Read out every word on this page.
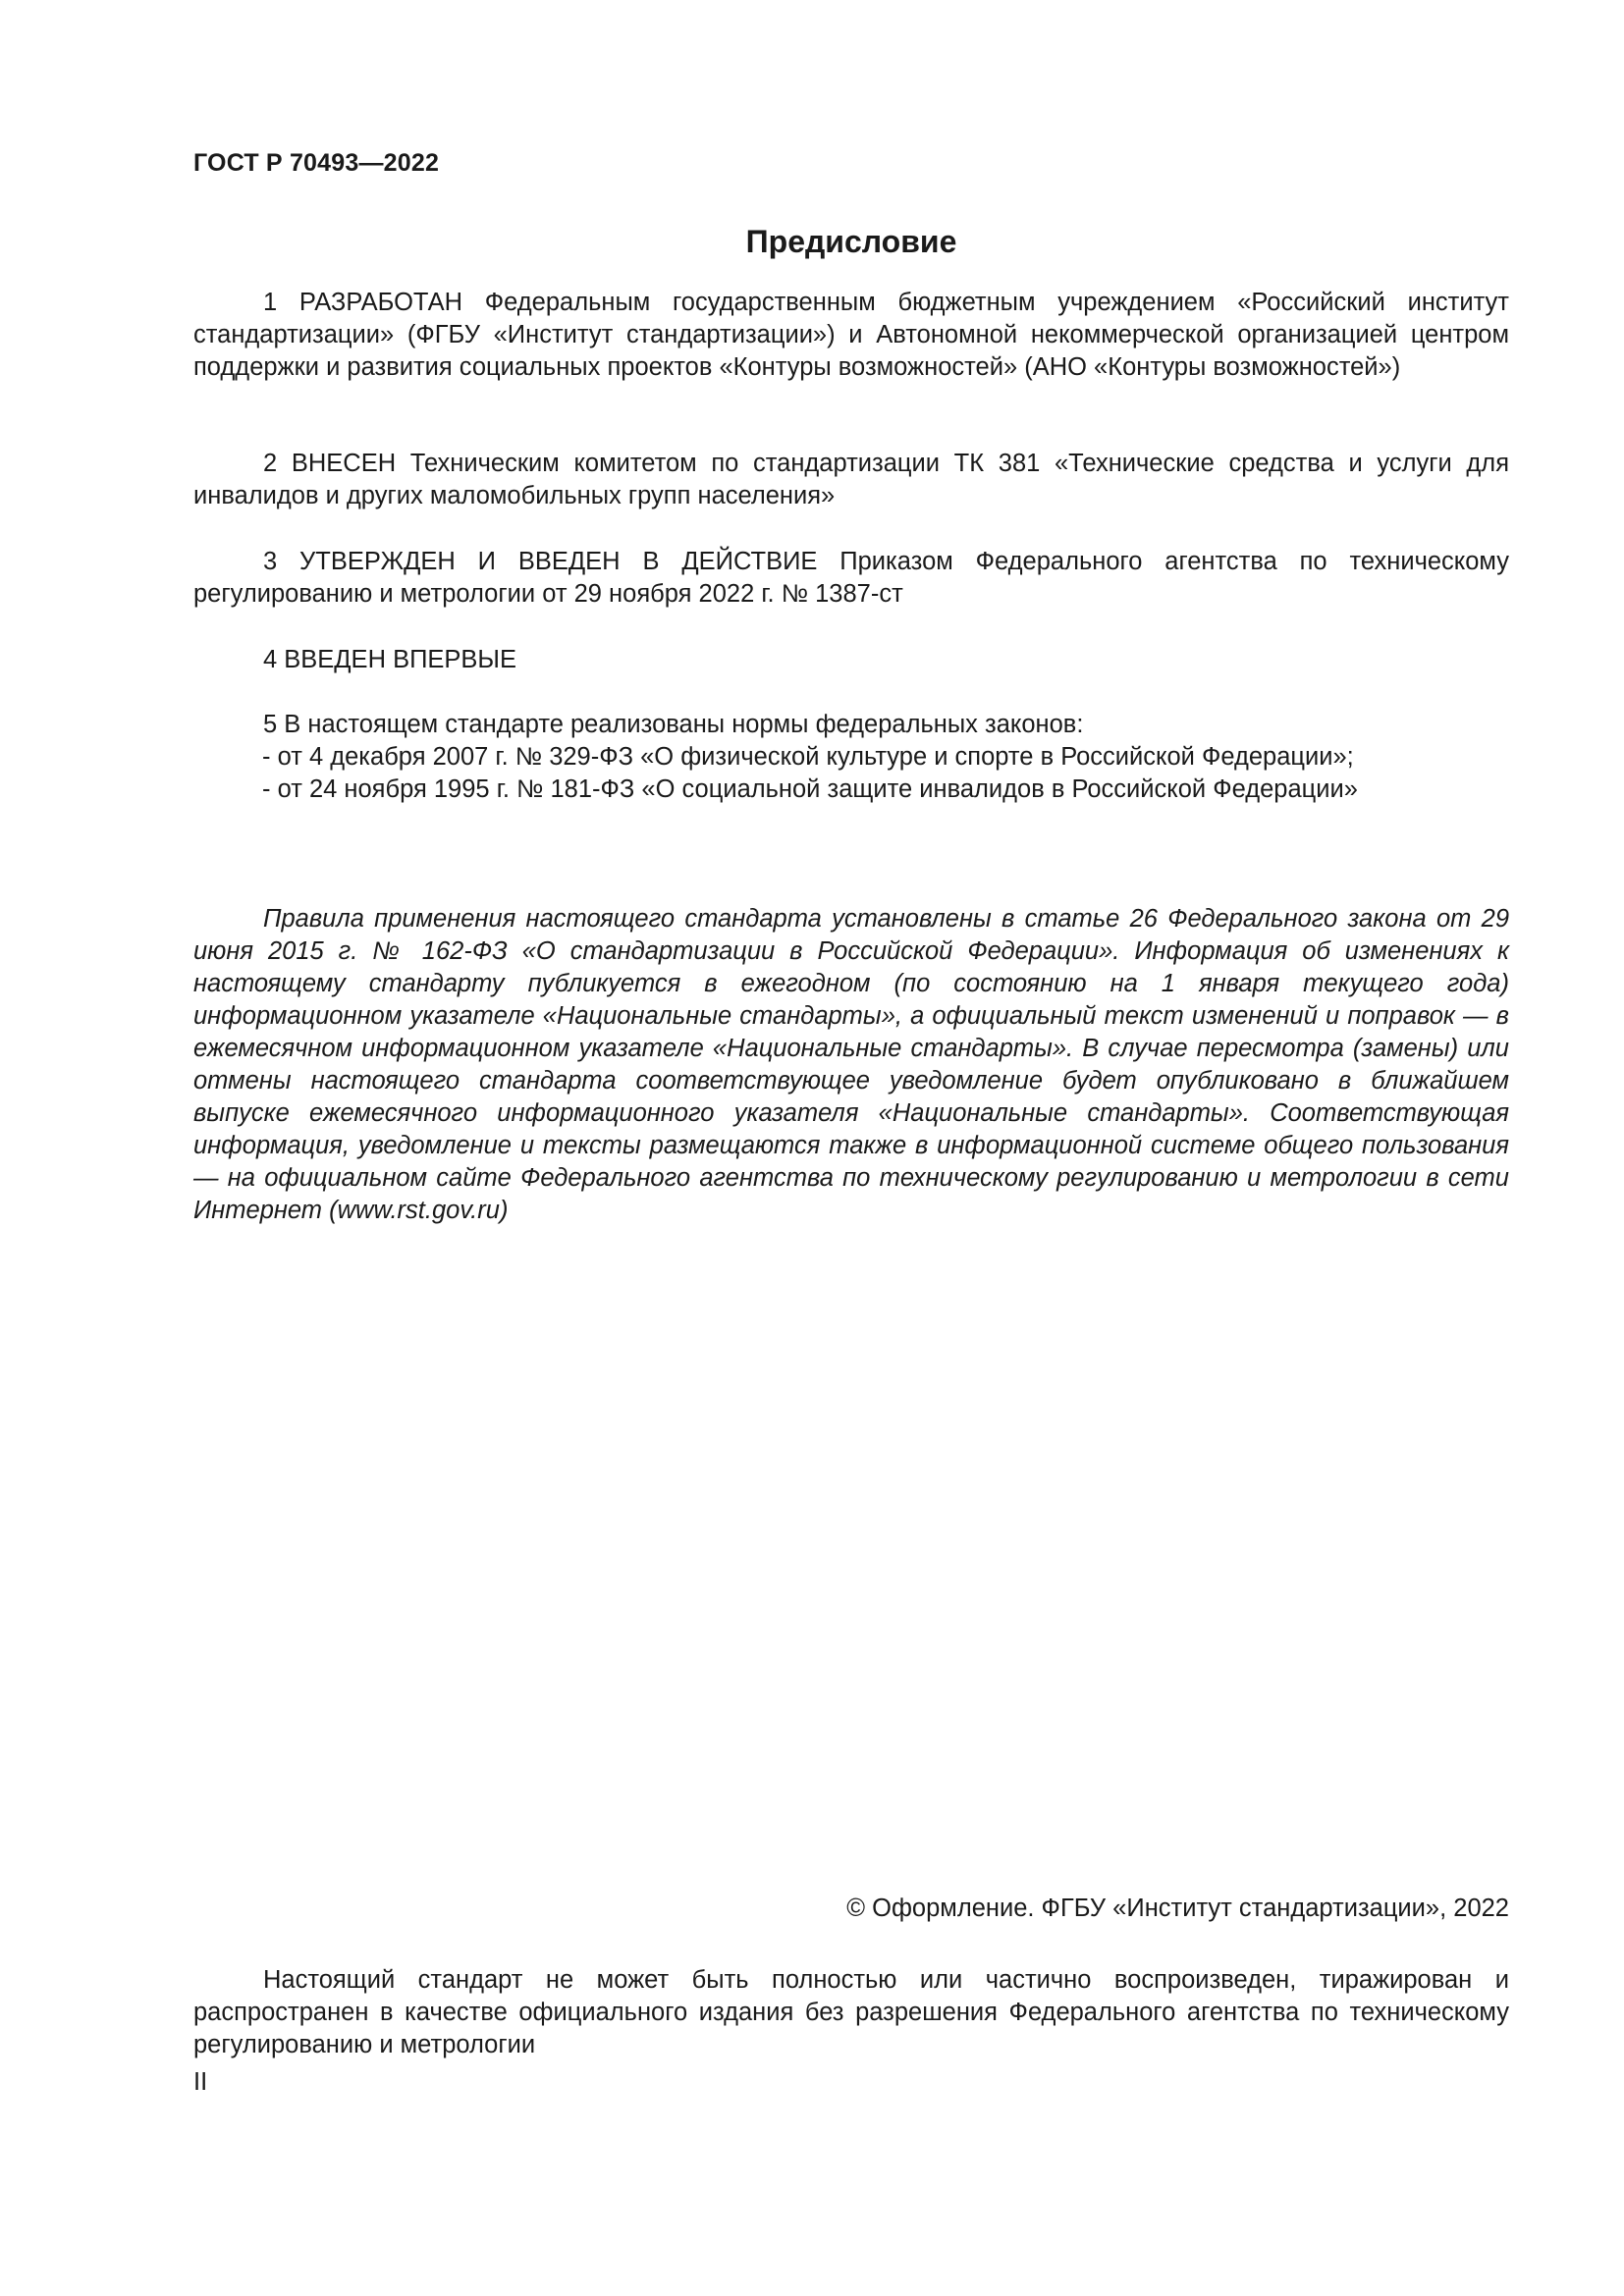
ГОСТ Р 70493—2022
Предисловие

1 РАЗРАБОТАН Федеральным государственным бюджетным учреждением «Российский институт стандартизации» (ФГБУ «Институт стандартизации») и Автономной некоммерческой организацией центром поддержки и развития социальных проектов «Контуры возможностей» (АНО «Контуры возможностей»)

2 ВНЕСЕН Техническим комитетом по стандартизации ТК 381 «Технические средства и услуги для инвалидов и других маломобильных групп населения»

3 УТВЕРЖДЕН И ВВЕДЕН В ДЕЙСТВИЕ Приказом Федерального агентства по техническому регулированию и метрологии от 29 ноября 2022 г. № 1387-ст

4 ВВЕДЕН ВПЕРВЫЕ

5 В настоящем стандарте реализованы нормы федеральных законов:

- от 4 декабря 2007 г. № 329-ФЗ «О физической культуре и спорте в Российской Федерации»;
- от 24 ноября 1995 г. № 181-ФЗ «О социальной защите инвалидов в Российской Федерации»
Правила применения настоящего стандарта установлены в статье 26 Федерального закона от 29 июня 2015 г. № 162-ФЗ «О стандартизации в Российской Федерации». Информация об изменениях к настоящему стандарту публикуется в ежегодном (по состоянию на 1 января текущего года) информационном указателе «Национальные стандарты», а официальный текст изменений и поправок — в ежемесячном информационном указателе «Национальные стандарты». В случае пересмотра (замены) или отмены настоящего стандарта соответствующее уведомление будет опубликовано в ближайшем выпуске ежемесячного информационного указателя «Национальные стандарты». Соответствующая информация, уведомление и тексты размещаются также в информационной системе общего пользования — на официальном сайте Федерального агентства по техническому регулированию и метрологии в сети Интернет (www.rst.gov.ru)
© Оформление. ФГБУ «Институт стандартизации», 2022
Настоящий стандарт не может быть полностью или частично воспроизведен, тиражирован и распространен в качестве официального издания без разрешения Федерального агентства по техническому регулированию и метрологии
II
